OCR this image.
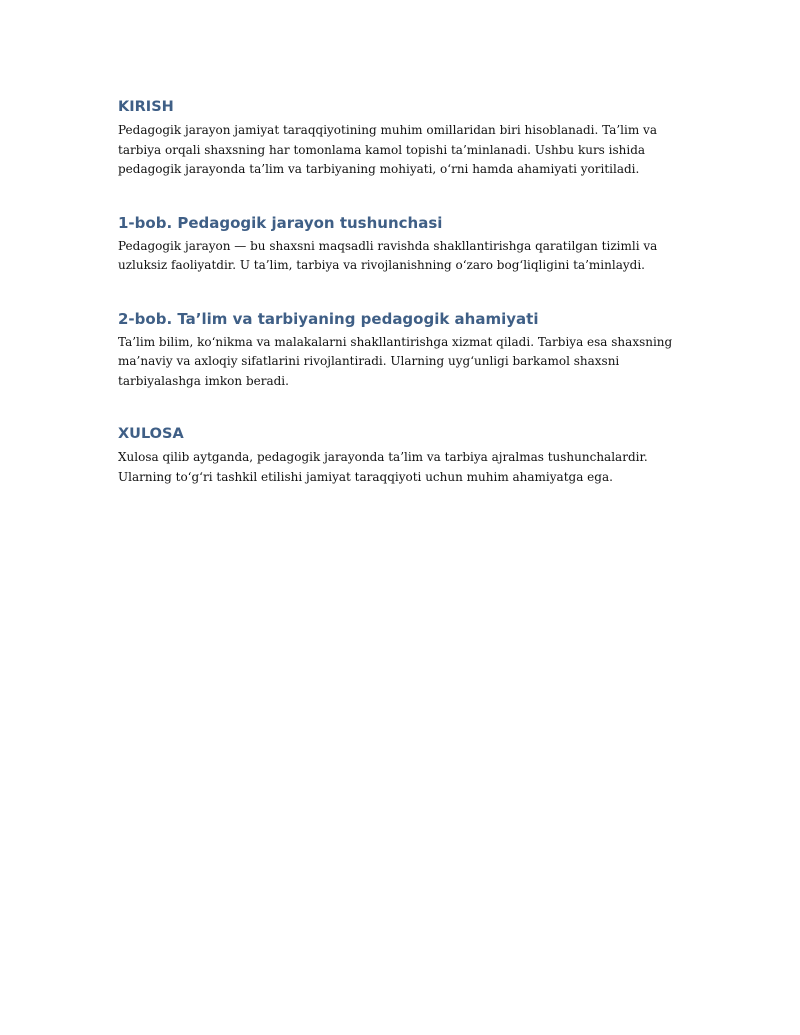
KIRISH

Pedagogik jarayon jamiyat taraqqiyotining muhim omillaridan biri hisoblanadi. Ta’lim va tarbiya orqali shaxsning har tomonlama kamol topishi ta’minlanadi. Ushbu kurs ishida pedagogik jarayonda ta’lim va tarbiyaning mohiyati, o‘rni hamda ahamiyati yoritiladi.

1-bob. Pedagogik jarayon tushunchasi

Pedagogik jarayon — bu shaxsni maqsadli ravishda shakllantirishga qaratilgan tizimli va uzluksiz faoliyatdir. U ta’lim, tarbiya va rivojlanishning o‘zaro bog‘liqligini ta’minlaydi.

2-bob. Ta’lim va tarbiyaning pedagogik ahamiyati

Ta’lim bilim, ko‘nikma va malakalarni shakllantirishga xizmat qiladi. Tarbiya esa shaxsning ma’naviy va axloqiy sifatlarini rivojlantiradi. Ularning uyg‘unligi barkamol shaxsni tarbiyalashga imkon beradi.

XULOSA

Xulosa qilib aytganda, pedagogik jarayonda ta’lim va tarbiya ajralmas tushunchalardir. Ularning to‘g‘ri tashkil etilishi jamiyat taraqqiyoti uchun muhim ahamiyatga ega.
